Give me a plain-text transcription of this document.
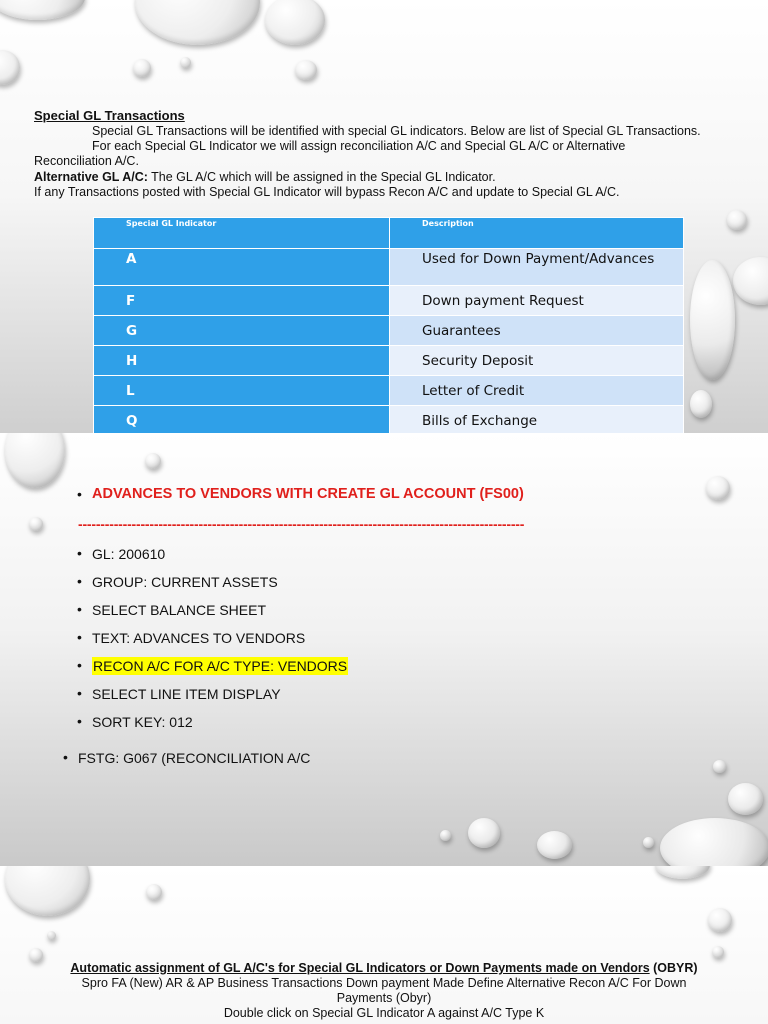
Special GL Transactions
Special GL Transactions will be identified with special GL indicators. Below are list of Special GL Transactions.
For each Special GL Indicator we will assign reconciliation A/C and Special GL A/C or Alternative
Reconciliation A/C.
Alternative GL A/C: The GL A/C which will be assigned in the Special GL Indicator.
If any Transactions posted with Special GL Indicator will bypass Recon A/C and update to Special GL A/C.
Special GL Indicator	Description
A	Used for Down Payment/Advances
F	Down payment Request
G	Guarantees
H	Security Deposit
L	Letter of Credit
Q	Bills of Exchange
• ADVANCES TO VENDORS WITH CREATE GL ACCOUNT (FS00)
----------------------------------------------------------------------------------------------------
• GL: 200610
• GROUP: CURRENT ASSETS
• SELECT BALANCE SHEET
• TEXT: ADVANCES TO VENDORS
• RECON A/C FOR A/C TYPE: VENDORS
• SELECT LINE ITEM DISPLAY
• SORT KEY: 012
• FSTG: G067 (RECONCILIATION A/C
Automatic assignment of GL A/C's for Special GL Indicators or Down Payments made on Vendors (OBYR)
Spro FA (New) AR & AP Business Transactions Down payment Made Define Alternative Recon A/C For Down
Payments (Obyr)
Double click on Special GL Indicator A against A/C Type K
